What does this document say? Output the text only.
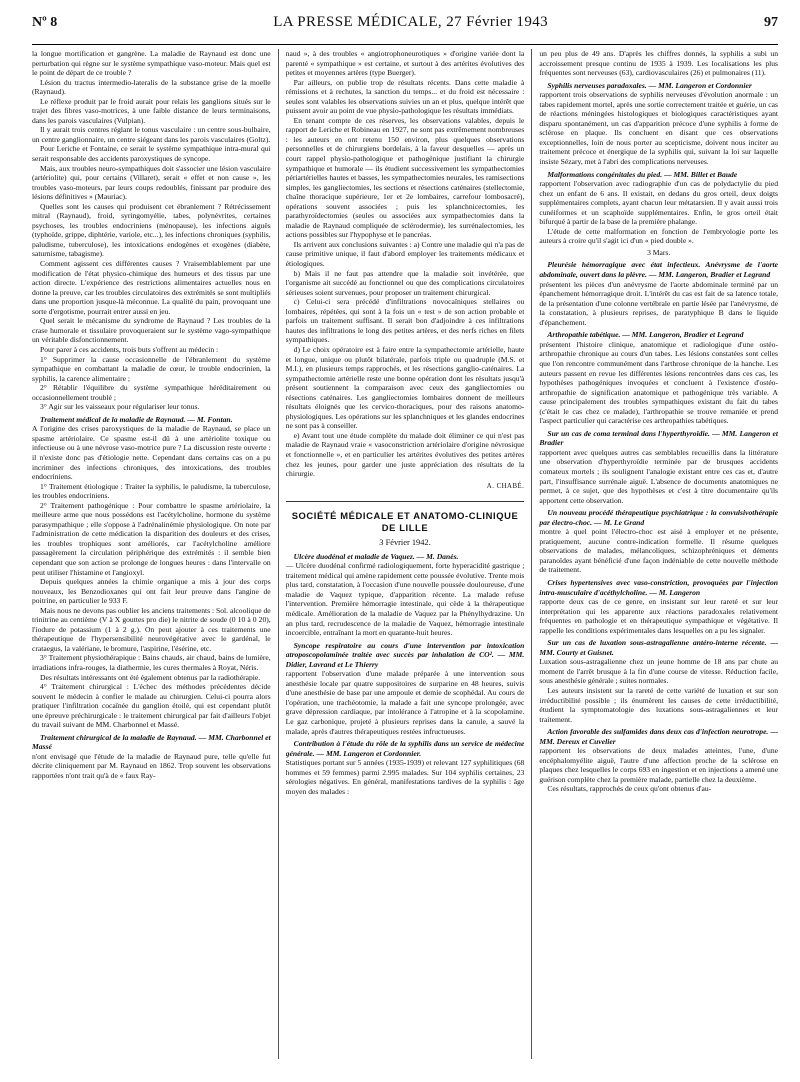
Nº 8	LA PRESSE MÉDICALE, 27 Février 1943	97

la longue mortification et gangrène. La maladie de Raynaud est donc une perturbation qui règne sur le système sympathique vaso-moteur. Mais quel est le point de départ de ce trouble ?

Lésion du tractus intermedio-lateralis de la substance grise de la moelle (Raynaud).

Le réflexe produit par le froid aurait pour relais les ganglions situés sur le trajet des fibres vaso-motrices, à une faible distance de leurs terminaisons, dans les parois vasculaires (Vulpian).

Il y aurait trois centres réglant le tonus vasculaire : un centre sous-bulbaire, un centre ganglionnaire, un centre siégeant dans les parois vasculaires (Goltz).

Pour Leriche et Fontaine, ce serait le système sympathique intra-mural qui serait responsable des accidents paroxystiques de syncope.

Mais, aux troubles neuro-sympathiques doit s'associer une lésion vasculaire (artériolite) qui, pour certains (Villaret), serait « effet et non cause », les troubles vaso-moteurs, par leurs coups redoublés, finissant par produire des lésions définitives » (Mauriac).

Quelles sont les causes qui produisent cet ébranlement ? Rétrécissement mitral (Raynaud), froid, syringomyélie, tabes, polynévrites, certaines psychoses, les troubles endocriniens (ménopause), les infections aiguës (typhoïde, grippe, diphtérie, variole, etc...), les infections chroniques (syphilis, paludisme, tuberculose), les intoxications endogènes et exogènes (diabète, saturnisme, tabagisme).

Comment agissent ces différentes causes ? Vraisemblablement par une modification de l'état physico-chimique des humeurs et des tissus par une action directe. L'expérience des restrictions alimentaires actuelles nous en donne la preuve, car les troubles circulatoires des extrémités se sont multipliés dans une proportion jusque-là méconnue. La qualité du pain, provoquant une sorte d'ergotisme, pourrait entrer aussi en jeu.

Quel serait le mécanisme du syndrome de Raynaud ? Les troubles de la crase humorale et tissulaire provoqueraient sur le système vago-sympathique un véritable disfonctionnement.

Pour parer à ces accidents, trois buts s'offrent au médecin :

1° Supprimer la cause occasionnelle de l'ébranlement du système sympathique en combattant la maladie de cœur, le trouble endocrinien, la syphilis, la carence alimentaire ;

2° Rétablir l'équilibre du système sympathique héréditairement ou occasionnellement troublé ;

3° Agir sur les vaisseaux pour régulariser leur tonus.

Traitement médical de la maladie de Raynaud. — M. Fontan.

A l'origine des crises paroxystiques de la maladie de Raynaud, se place un spasme artériolaire. Ce spasme est-il dû à une artériolite toxique ou infectieuse ou à une névrose vaso-motrice pure ? La discussion reste ouverte : il n'existe donc pas d'étiologie nette. Cependant dans certains cas on a pu incriminer des infections chroniques, des intoxications, des troubles endocriniens.

1° Traitement étiologique : Traiter la syphilis, le paludisme, la tuberculose, les troubles endocriniens.

2° Traitement pathogénique : Pour combattre le spasme artériolaire, la meilleure arme que nous possédons est l'acétylcholine, hormone du système parasympathique ; elle s'oppose à l'adrénalinémie physiologique. On note par l'administration de cette médication la disparition des douleurs et des crises, les troubles trophiques sont améliorés, car l'acétylcholine améliore passagèrement la circulation périphérique des extrémités : il semble bien cependant que son action se prolonge de longues heures : dans l'intervalle on peut utiliser l'histamine et l'angioxyl.

Depuis quelques années la chimie organique a mis à jour des corps nouveaux, les Benzodioxanes qui ont fait leur preuve dans l'angine de poitrine, en particulier le 933 F.

Mais nous ne devons pas oublier les anciens traitements : Sol. alcoolique de trinitrine au centième (V à X gouttes pro die) le nitrite de soude (0 10 à 0 20), l'iodure de potassium (1 à 2 g.). On peut ajouter à ces traitements une thérapeutique de l'hypersensibilité neurovégétative avec le gardénal, le crataegus, la valériane, le bromure, l'aspirine, l'ésérine, etc.

3° Traitement physiothérapique : Bains chauds, air chaud, bains de lumière, irradiations infra-rouges, la diathermie, les cures thermales à Royat, Néris.

Des résultats intéressants ont été également obtenus par la radiothérapie.

4° Traitement chirurgical : L'échec des méthodes précédentes décide souvent le médecin à confier le malade au chirurgien. Celui-ci pourra alors pratiquer l'infiltration cocaïnée du ganglion étoilé, qui est cependant plutôt une épreuve préchirurgicale : le traitement chirurgical par fait d'ailleurs l'objet du travail suivant de MM. Charbonnel et Massé.

Traitement chirurgical de la maladie de Raynaud. — MM. Charbonnel et Massé

n'ont envisagé que l'étude de la maladie de Raynaud pure, telle qu'elle fut décrite cliniquement par M. Raynaud en 1862. Trop souvent les observations rapportées n'ont trait qu'à de « faux Ray-

naud », à des troubles « angiotrophoneurotiques » d'origine variée dont la parenté « sympathique » est certaine, et surtout à des artérites évolutives des petites et moyennes artères (type Buerger).

Par ailleurs, on publie trop de résultats récents. Dans cette maladie à rémissions et à rechutes, la sanction du temps... et du froid est nécessaire : seules sont valables les observations suivies un an et plus, quelque intérêt que puissent avoir au point de vue physio-pathologique les résultats immédiats.

En tenant compte de ces réserves, les observations valables, depuis le rapport de Leriche et Robineau en 1927, ne sont pas extrêmement nombreuses : les auteurs en ont retenu 150 environ, plus quelques observations personnelles et de chirurgiens bordelais, à la faveur desquelles — après un court rappel physio-pathologique et pathogénique justifiant la chirurgie sympathique et humorale — ils étudient successivement les sympathectomies périartérielles hautes et basses, les sympathectomies neurales, les ramisections simples, les gangliectomies, les sections et résections caténaires (stellectomie, chaîne thoracique supérieure, 1er et 2e lombaires, carrefour lombosacré), opérations souvent associées ; puis les splanchnicectomies, les parathyroïdectomies (seules ou associées aux sympathectomies dans la maladie de Raynaud compliquée de sclérodermie), les surrénalectomies, les actions possibles sur l'hypophyse et le pancréas.

Ils arrivent aux conclusions suivantes : a) Contre une maladie qui n'a pas de cause primitive unique, il faut d'abord employer les traitements médicaux et étiologiques.

b) Mais il ne faut pas attendre que la maladie soit invétérée, que l'organisme ait succédé au fonctionnel ou que des complications circulatoires sérieuses soient survenues, pour proposer un traitement chirurgical.

c) Celui-ci sera précédé d'infiltrations novocaïniques stellaires ou lombaires, répétées, qui sont à la fois un « test » de son action probable et parfois un traitement suffisant. Il serait bon d'adjoindre à ces infiltrations hautes des infiltrations le long des petites artères, et des nerfs riches en filets sympathiques.

d) Le choix opératoire est à faire entre la sympathectomie artérielle, haute et longue, unique ou plutôt bilatérale, parfois triple ou quadruple (M.S. et M.I.), en plusieurs temps rapprochés, et les résections ganglio-caténaires. La sympathectomie artérielle reste une bonne opération dont les résultats jusqu'à présent soutiennent la comparaison avec ceux des gangliectomies ou résections caténaires. Les gangliectomies lombaires donnent de meilleurs résultats éloignés que les cervico-thoraciques, pour des raisons anatomo-physiologiques. Les opérations sur les splanchniques et les glandes endocrines ne sont pas à conseiller.

e) Avant tout une étude complète du malade doit éliminer ce qui n'est pas maladie de Raynaud vraie « vasoconstriction artériolaire d'origine névrosique et fonctionnelle », et en particulier les artérites évolutives des petites artères chez les jeunes, pour garder une juste appréciation des résultats de la chirurgie.

A. CHABÉ.
SOCIÉTÉ MÉDICALE ET ANATOMO-CLINIQUE DE LILLE
3 Février 1942.

Ulcère duodénal et maladie de Vaquez. — M. Danès.

— Ulcère duodénal confirmé radiologiquement, forte hyperacidité gastrique ; traitement médical qui amène rapidement cette poussée évolutive. Trente mois plus tard, constatation, à l'occasion d'une nouvelle poussée douloureuse, d'une maladie de Vaquez typique, d'apparition récente. La malade refuse l'intervention. Première hémorragie intestinale, qui cède à la thérapeutique médicale. Amélioration de la maladie de Vaquez par la Phénylhydrazine. Un an plus tard, recrudescence de la maladie de Vaquez, hémorragie intestinale incoercible, entraînant la mort en quarante-huit heures.

Syncope respiratoire au cours d'une intervention par intoxication atroposcopolaminée traitée avec succès par inhalation de CO². — MM. Didier, Lavrand et Le Thierry

rapportent l'observation d'une malade préparée à une intervention sous anesthésie locale par quatre suppositoires de surparine en 48 heures, suivis d'une anesthésie de base par une ampoule et demie de scophédal. Au cours de l'opération, une trachéotomie, la malade a fait une syncope prolongée, avec grave dépression cardiaque, par intolérance à l'atropine et à la scopolamine. Le gaz carbonique, projeté à plusieurs reprises dans la canule, a sauvé la malade, après d'autres thérapeutiques restées infructueuses.

Contribution à l'étude du rôle de la syphilis dans un service de médecine générale. — MM. Langeron et Cordonnier.

Statistiques portant sur 5 années (1935-1939) et relevant 127 syphilitiques (68 hommes et 59 femmes) parmi 2.995 malades. Sur 104 syphilis certaines, 23 sérologies négatives. En général, manifestations tardives de la syphilis : âge moyen des malades :

un peu plus de 49 ans. D'après les chiffres donnés, la syphilis a subi un accroissement presque continu de 1935 à 1939. Les localisations les plus fréquentes sont nerveuses (63), cardiovasculaires (26) et pulmonaires (11).

Syphilis nerveuses paradoxales. — MM. Langeron et Cordonnier

rapportent trois observations de syphilis nerveuses d'évolution anormale : un tabes rapidement mortel, après une sortie correctement traitée et guérie, un cas de réactions méningées histologiques et biologiques caractéristiques ayant disparu spontanément, un cas d'apparition précoce d'une syphilis à forme de sclérose en plaque. Ils concluent en disant que ces observations exceptionnelles, loin de nous porter au scepticisme, doivent nous inciter au traitement précoce et énergique de la syphilis qui, suivant la loi sur laquelle insiste Sézary, met à l'abri des complications nerveuses.

Malformations congénitales du pied. — MM. Billet et Baude

rapportent l'observation avec radiographie d'un cas de polydactylie du pied chez un enfant de 6 ans. Il existait, en dedans du gros orteil, deux doigts supplémentaires complets, ayant chacun leur métatarsien. Il y avait aussi trois cunéiformes et un scaphoïde supplémentaires. Enfin, le gros orteil était bifurqué à partir de la base de la première phalange.

L'étude de cette malformation en fonction de l'embryologie porte les auteurs à croire qu'il s'agit ici d'un « pied double ».

3 Mars.

Pleurésie hémorragique avec état infectieux. Anévrysme de l'aorte abdominale, ouvert dans la plèvre. — MM. Langeron, Bradier et Legrand

présentent les pièces d'un anévrysme de l'aorte abdominale terminé par un épanchement hémorragique droit. L'intérêt du cas est fait de sa latence totale, de la présentation d'une colonne vertébrale en partie lésée par l'anévrysme, de la constatation, à plusieurs reprises, de paratyphique B dans le liquide d'épanchement.

Arthropathie tabétique. — MM. Langeron, Bradier et Legrand

présentent l'histoire clinique, anatomique et radiologique d'une ostéo-arthropathie chronique au cours d'un tabes. Les lésions constatées sont celles que l'on rencontre communément dans l'arthrose chronique de la hanche. Les auteurs passent en revue les différentes lésions rencontrées dans ces cas, les hypothèses pathogéniques invoquées et concluent à l'existence d'ostéo-arthropathie de signification anatomique et pathogénique très variable. A cause principalement des troubles sympathiques existant du fait du tabes (c'était le cas chez ce malade), l'arthropathie se trouve remaniée et prend l'aspect particulier qui caractérise ces arthropathies tabétiques.

Sur un cas de coma terminal dans l'hyperthyroïdie. — MM. Langeron et Bradier

rapportent avec quelques autres cas semblables recueillis dans la littérature une observation d'hyperthyroïdie terminée par de brusques accidents comateux mortels ; ils soulignent l'analogie existant entre ces cas et, d'autre part, l'insuffisance surrénale aiguë. L'absence de documents anatomiques ne permet, à ce sujet, que des hypothèses et c'est à titre documentaire qu'ils apportent cette observation.

Un nouveau procédé thérapeutique psychiatrique : la convulsivothérapie par électro-choc. — M. Le Grand

montre à quel point l'électro-choc est aisé à employer et ne présente, pratiquement, aucune contre-indication formelle. Il résume quelques observations de malades, mélancoliques, schizophréniques et déments paranoïdes ayant bénéficié d'une façon indéniable de cette nouvelle méthode de traitement.

Crises hypertensives avec vaso-constriction, provoquées par l'injection intra-musculaire d'acéthylcholine. — M. Langeron

rapporte deux cas de ce genre, en insistant sur leur rareté et sur leur interprétation qui les apparente aux réactions paradoxales relativement fréquentes en pathologie et en thérapeutique sympathique et végétative. Il rappelle les conditions expérimentales dans lesquelles on a pu les signaler.

Sur un cas de luxation sous-astragalienne antéro-interne récente. — MM. Courty et Guisnet.

Luxation sous-astragalienne chez un jeune homme de 18 ans par chute au moment de l'arrêt brusque à la fin d'une course de vitesse. Réduction facile, sous anesthésie générale ; suites normales.

Les auteurs insistent sur la rareté de cette variété de luxation et sur son irréductibilité possible ; ils énumèrent les causes de cette irréductibilité, étudient la symptomatologie des luxations sous-astragaliennes et leur traitement.

Action favorable des sulfamides dans deux cas d'infection neurotrope. — MM. Dereux et Cuvelier

rapportent les observations de deux malades atteintes, l'une, d'une encéphalomyélite aiguë, l'autre d'une affection proche de la sclérose en plaques chez lesquelles le corps 693 en ingestion et en injections a amené une guérison complète chez la première malade, partielle chez la deuxième.

Ces résultats, rapprochés de ceux qu'ont obtenus d'au-
